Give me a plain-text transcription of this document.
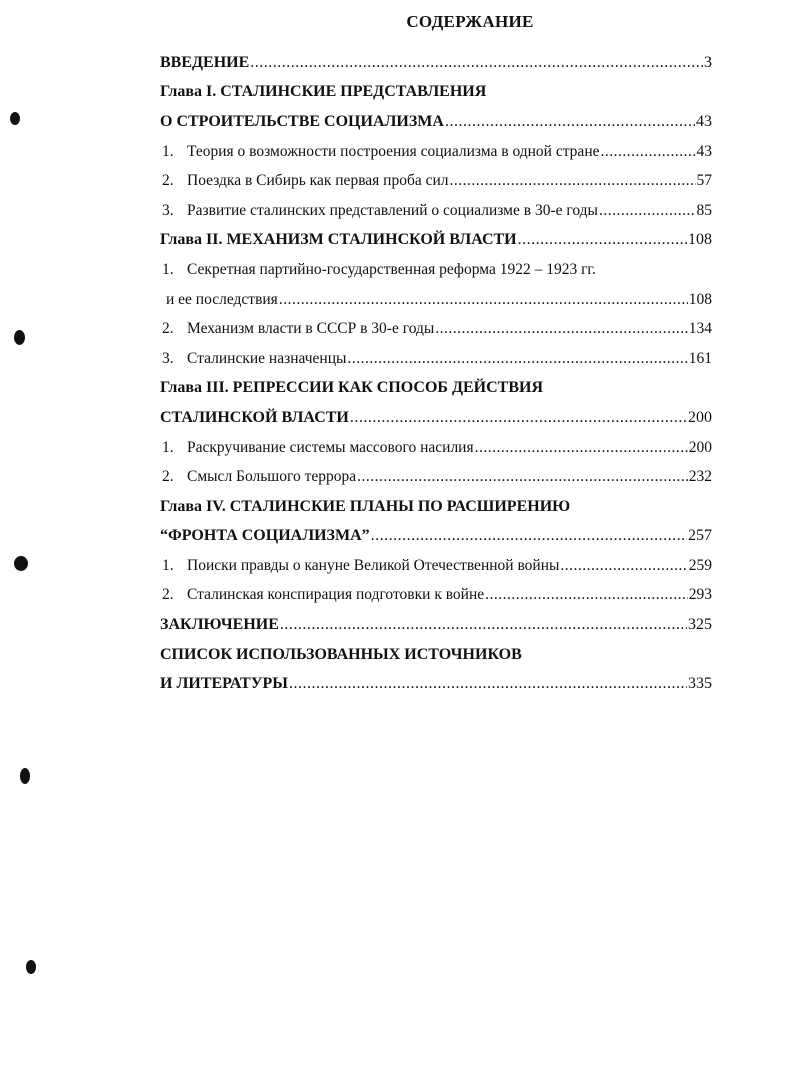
СОДЕРЖАНИЕ
ВВЕДЕНИЕ .....	3
Глава I. СТАЛИНСКИЕ ПРЕДСТАВЛЕНИЯ
О СТРОИТЕЛЬСТВЕ СОЦИАЛИЗМА .....	43
1. Теория о возможности построения социализма в одной стране .....	43
2. Поездка в Сибирь как первая проба сил .....	57
3. Развитие сталинских представлений о социализме в 30-е годы .....	85
Глава II. МЕХАНИЗМ СТАЛИНСКОЙ ВЛАСТИ .....	108
1. Секретная партийно-государственная реформа 1922 – 1923 гг.
и ее последствия .....	108
2. Механизм власти в СССР в 30-е годы .....	134
3. Сталинские назначенцы .....	161
Глава III. РЕПРЕССИИ КАК СПОСОБ ДЕЙСТВИЯ
СТАЛИНСКОЙ ВЛАСТИ .....	200
1. Раскручивание системы массового насилия .....	200
2. Смысл Большого террора .....	232
Глава IV. СТАЛИНСКИЕ ПЛАНЫ ПО РАСШИРЕНИЮ
“ФРОНТА СОЦИАЛИЗМА” .....	257
1. Поиски правды о кануне Великой Отечественной войны .....	259
2. Сталинская конспирация подготовки к войне .....	293
ЗАКЛЮЧЕНИЕ .....	325
СПИСОК ИСПОЛЬЗОВАННЫХ ИСТОЧНИКОВ
И ЛИТЕРАТУРЫ .....	335
